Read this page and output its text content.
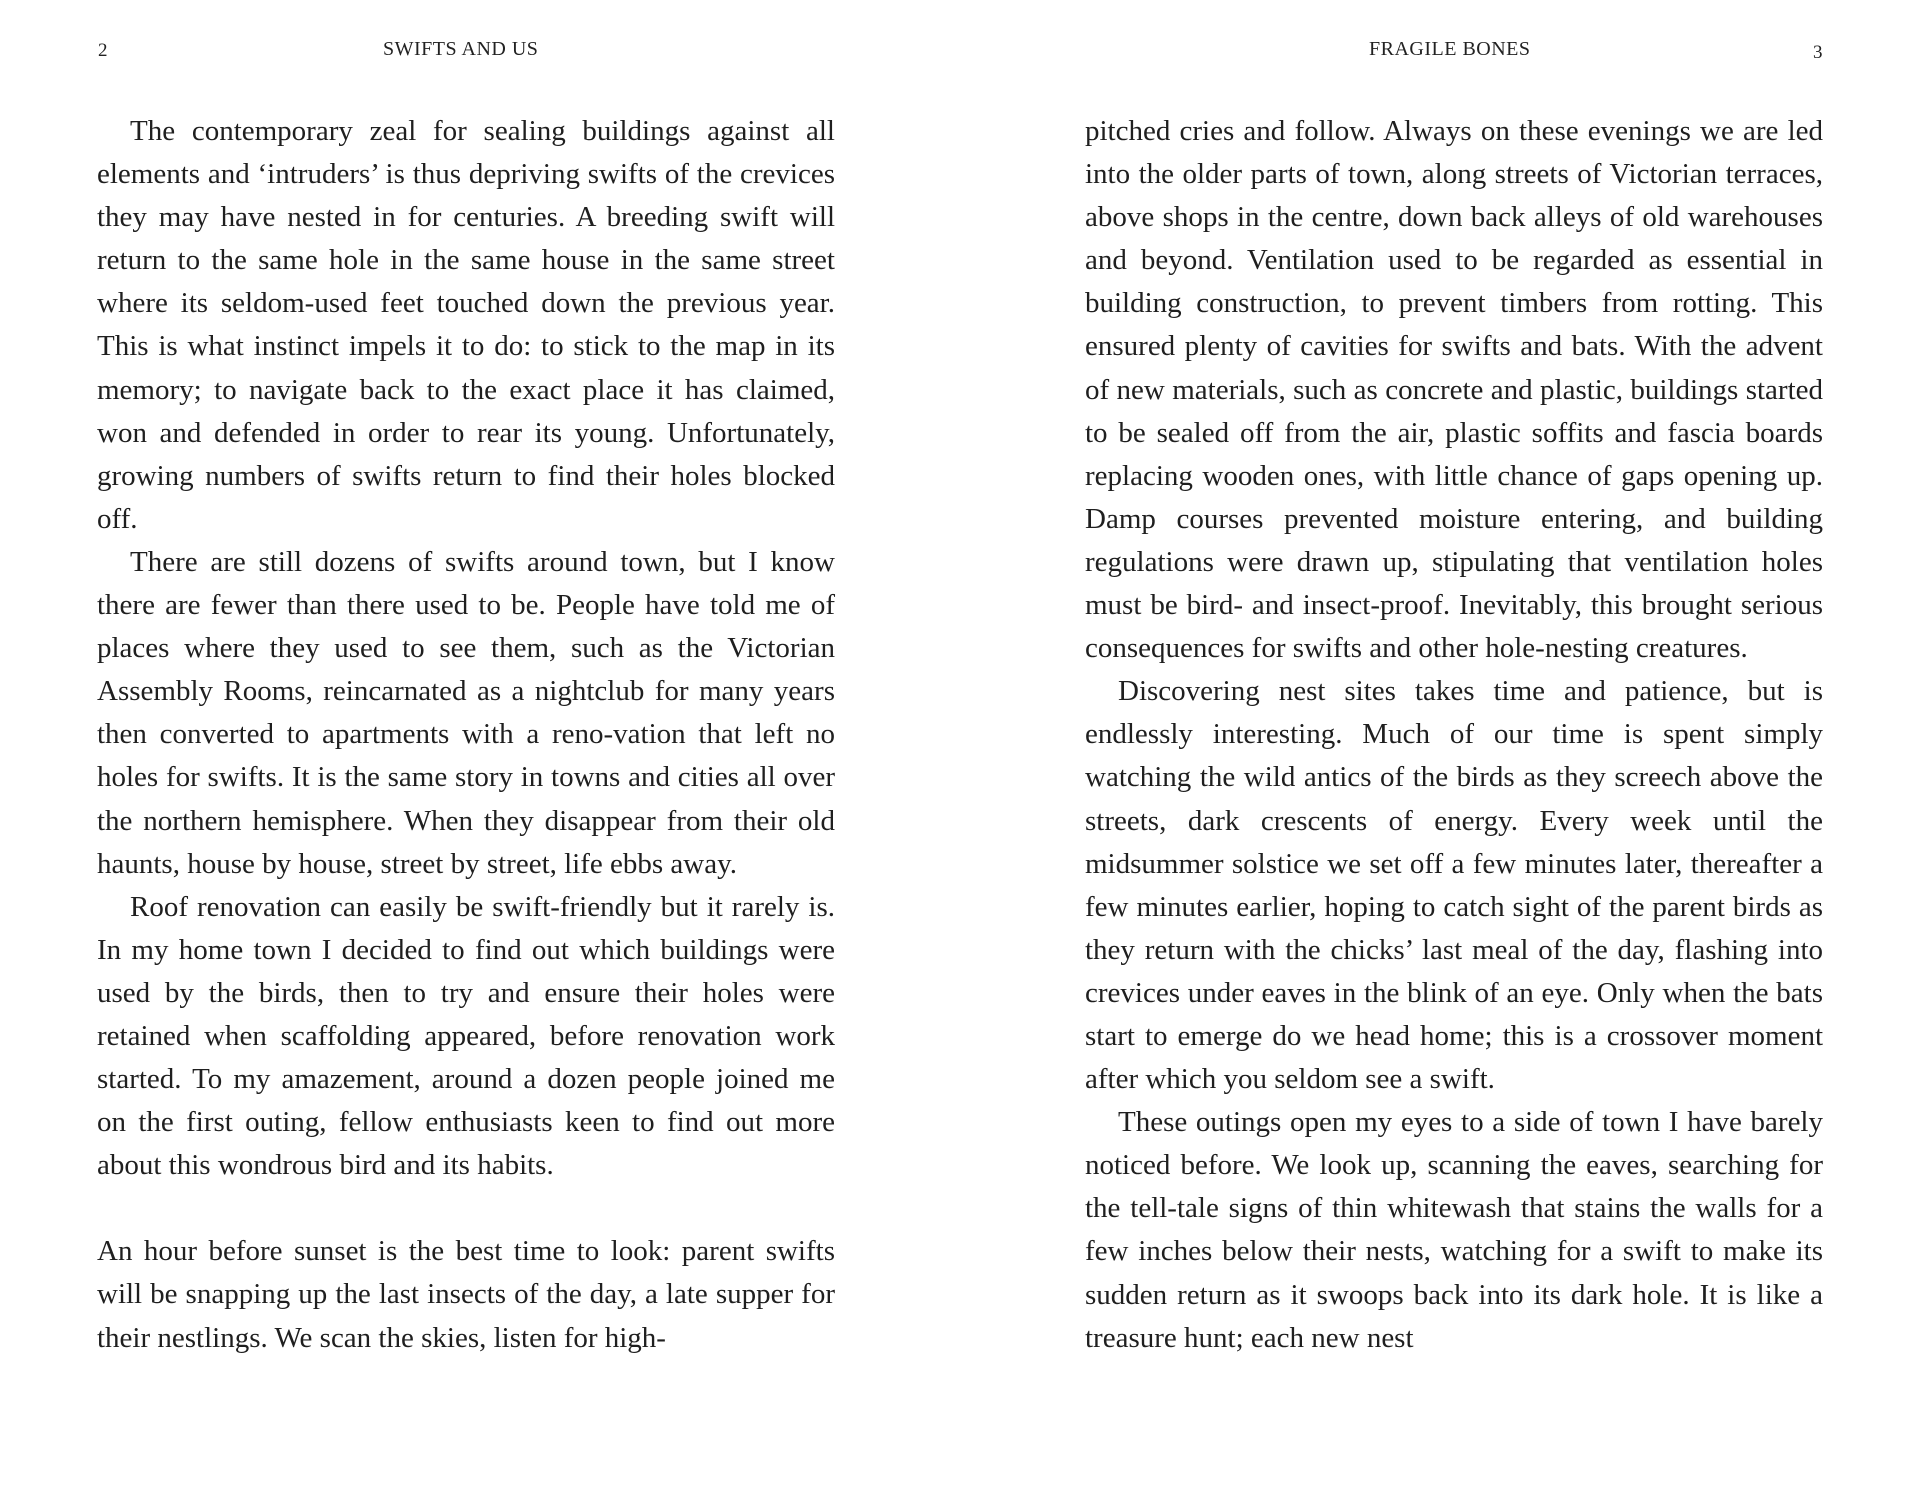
2	SWIFTS AND US

The contemporary zeal for sealing buildings against all elements and ‘intruders’ is thus depriving swifts of the crevices they may have nested in for centuries. A breeding swift will return to the same hole in the same house in the same street where its seldom-used feet touched down the previous year. This is what instinct impels it to do: to stick to the map in its memory; to navigate back to the exact place it has claimed, won and defended in order to rear its young. Unfortunately, growing numbers of swifts return to find their holes blocked off.

There are still dozens of swifts around town, but I know there are fewer than there used to be. People have told me of places where they used to see them, such as the Victorian Assembly Rooms, reincarnated as a nightclub for many years then converted to apartments with a reno-vation that left no holes for swifts. It is the same story in towns and cities all over the northern hemisphere. When they disappear from their old haunts, house by house, street by street, life ebbs away.

Roof renovation can easily be swift-friendly but it rarely is. In my home town I decided to find out which buildings were used by the birds, then to try and ensure their holes were retained when scaffolding appeared, before renovation work started. To my amazement, around a dozen people joined me on the first outing, fellow enthusiasts keen to find out more about this wondrous bird and its habits.

An hour before sunset is the best time to look: parent swifts will be snapping up the last insects of the day, a late supper for their nestlings. We scan the skies, listen for high-

FRAGILE BONES	3

pitched cries and follow. Always on these evenings we are led into the older parts of town, along streets of Victorian terraces, above shops in the centre, down back alleys of old warehouses and beyond. Ventilation used to be regarded as essential in building construction, to prevent timbers from rotting. This ensured plenty of cavities for swifts and bats. With the advent of new materials, such as concrete and plastic, buildings started to be sealed off from the air, plastic soffits and fascia boards replacing wooden ones, with little chance of gaps opening up. Damp courses prevented moisture entering, and building regulations were drawn up, stipulating that ventilation holes must be bird- and insect-proof. Inevitably, this brought serious consequences for swifts and other hole-nesting creatures.

Discovering nest sites takes time and patience, but is endlessly interesting. Much of our time is spent simply watching the wild antics of the birds as they screech above the streets, dark crescents of energy. Every week until the midsummer solstice we set off a few minutes later, thereafter a few minutes earlier, hoping to catch sight of the parent birds as they return with the chicks’ last meal of the day, flashing into crevices under eaves in the blink of an eye. Only when the bats start to emerge do we head home; this is a crossover moment after which you seldom see a swift.

These outings open my eyes to a side of town I have barely noticed before. We look up, scanning the eaves, searching for the tell-tale signs of thin whitewash that stains the walls for a few inches below their nests, watching for a swift to make its sudden return as it swoops back into its dark hole. It is like a treasure hunt; each new nest
